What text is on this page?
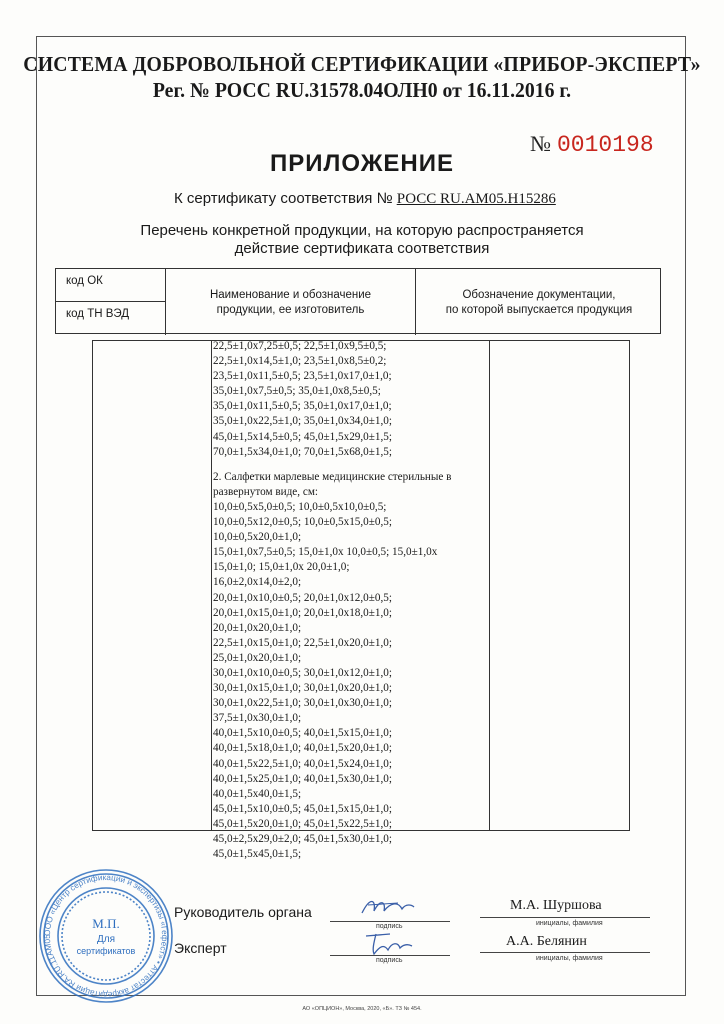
СИСТЕМА ДОБРОВОЛЬНОЙ СЕРТИФИКАЦИИ «ПРИБОР-ЭКСПЕРТ»
Рег. № РОСС RU.31578.04ОЛН0 от 16.11.2016 г.
№ 0010198
ПРИЛОЖЕНИЕ
К сертификату соответствия № РОСС RU.АМ05.Н15286
Перечень конкретной продукции, на которую распространяется
действие сертификата соответствия
код ОК
код ТН ВЭД
Наименование и обозначение
продукции, ее изготовитель
Обозначение документации,
по которой выпускается продукция
22,5±1,0х7,25±0,5; 22,5±1,0х9,5±0,5;
22,5±1,0х14,5±1,0; 23,5±1,0х8,5±0,2;
23,5±1,0х11,5±0,5; 23,5±1,0х17,0±1,0;
35,0±1,0х7,5±0,5; 35,0±1,0х8,5±0,5;
35,0±1,0х11,5±0,5; 35,0±1,0х17,0±1,0;
35,0±1,0х22,5±1,0; 35,0±1,0х34,0±1,0;
45,0±1,5х14,5±0,5; 45,0±1,5х29,0±1,5;
70,0±1,5х34,0±1,0; 70,0±1,5х68,0±1,5;
2. Салфетки марлевые медицинские стерильные в
развернутом виде, см:
10,0±0,5х5,0±0,5; 10,0±0,5х10,0±0,5;
10,0±0,5х12,0±0,5; 10,0±0,5х15,0±0,5;
10,0±0,5х20,0±1,0;
15,0±1,0х7,5±0,5; 15,0±1,0х 10,0±0,5; 15,0±1,0х
15,0±1,0; 15,0±1,0х 20,0±1,0;
16,0±2,0х14,0±2,0;
20,0±1,0х10,0±0,5; 20,0±1,0х12,0±0,5;
20,0±1,0х15,0±1,0; 20,0±1,0х18,0±1,0;
20,0±1,0х20,0±1,0;
22,5±1,0х15,0±1,0; 22,5±1,0х20,0±1,0;
25,0±1,0х20,0±1,0;
30,0±1,0х10,0±0,5; 30,0±1,0х12,0±1,0;
30,0±1,0х15,0±1,0; 30,0±1,0х20,0±1,0;
30,0±1,0х22,5±1,0; 30,0±1,0х30,0±1,0;
37,5±1,0х30,0±1,0;
40,0±1,5х10,0±0,5; 40,0±1,5х15,0±1,0;
40,0±1,5х18,0±1,0; 40,0±1,5х20,0±1,0;
40,0±1,5х22,5±1,0; 40,0±1,5х24,0±1,0;
40,0±1,5х25,0±1,0; 40,0±1,5х30,0±1,0;
40,0±1,5х40,0±1,5;
45,0±1,5х10,0±0,5; 45,0±1,5х15,0±1,0;
45,0±1,5х20,0±1,0; 45,0±1,5х22,5±1,0;
45,0±2,5х29,0±2,0; 45,0±1,5х30,0±1,0;
45,0±1,5х45,0±1,5;
ООО «Центр сертификации и экспертизы «Гефест» • Аттестат аккредитации RA.RU.11АМ05
М.П.
Для
сертификатов
Руководитель органа
подпись
М.А. Шуршова
инициалы, фамилия
Эксперт
подпись
А.А. Белянин
инициалы, фамилия
АО «ОПЦИОН», Москва, 2020, «Б». ТЗ № 454.
